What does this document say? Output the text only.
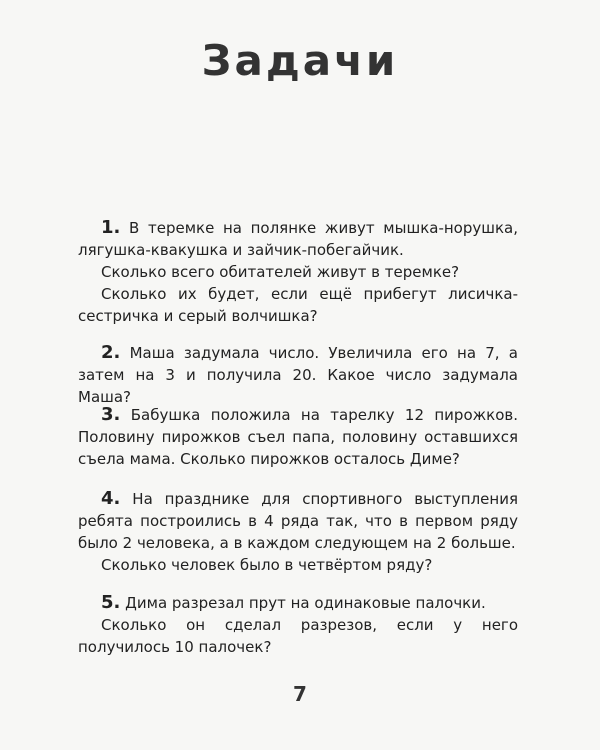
Задачи

1. В теремке на полянке живут мышка-норушка, лягушка-квакушка и зайчик-побегайчик.

Сколько всего обитателей живут в теремке?

Сколько их будет, если ещё прибегут лисичка-сестричка и серый волчишка?

2. Маша задумала число. Увеличила его на 7, а затем на 3 и получила 20. Какое число задумала Маша?

3. Бабушка положила на тарелку 12 пирожков. Половину пирожков съел папа, половину оставшихся съела мама. Сколько пирожков осталось Диме?

4. На празднике для спортивного выступления ребята построились в 4 ряда так, что в первом ряду было 2 человека, а в каждом следующем на 2 больше.

Сколько человек было в четвёртом ряду?

5. Дима разрезал прут на одинаковые палочки.

Сколько он сделал разрезов, если у него получилось 10 палочек?

7
